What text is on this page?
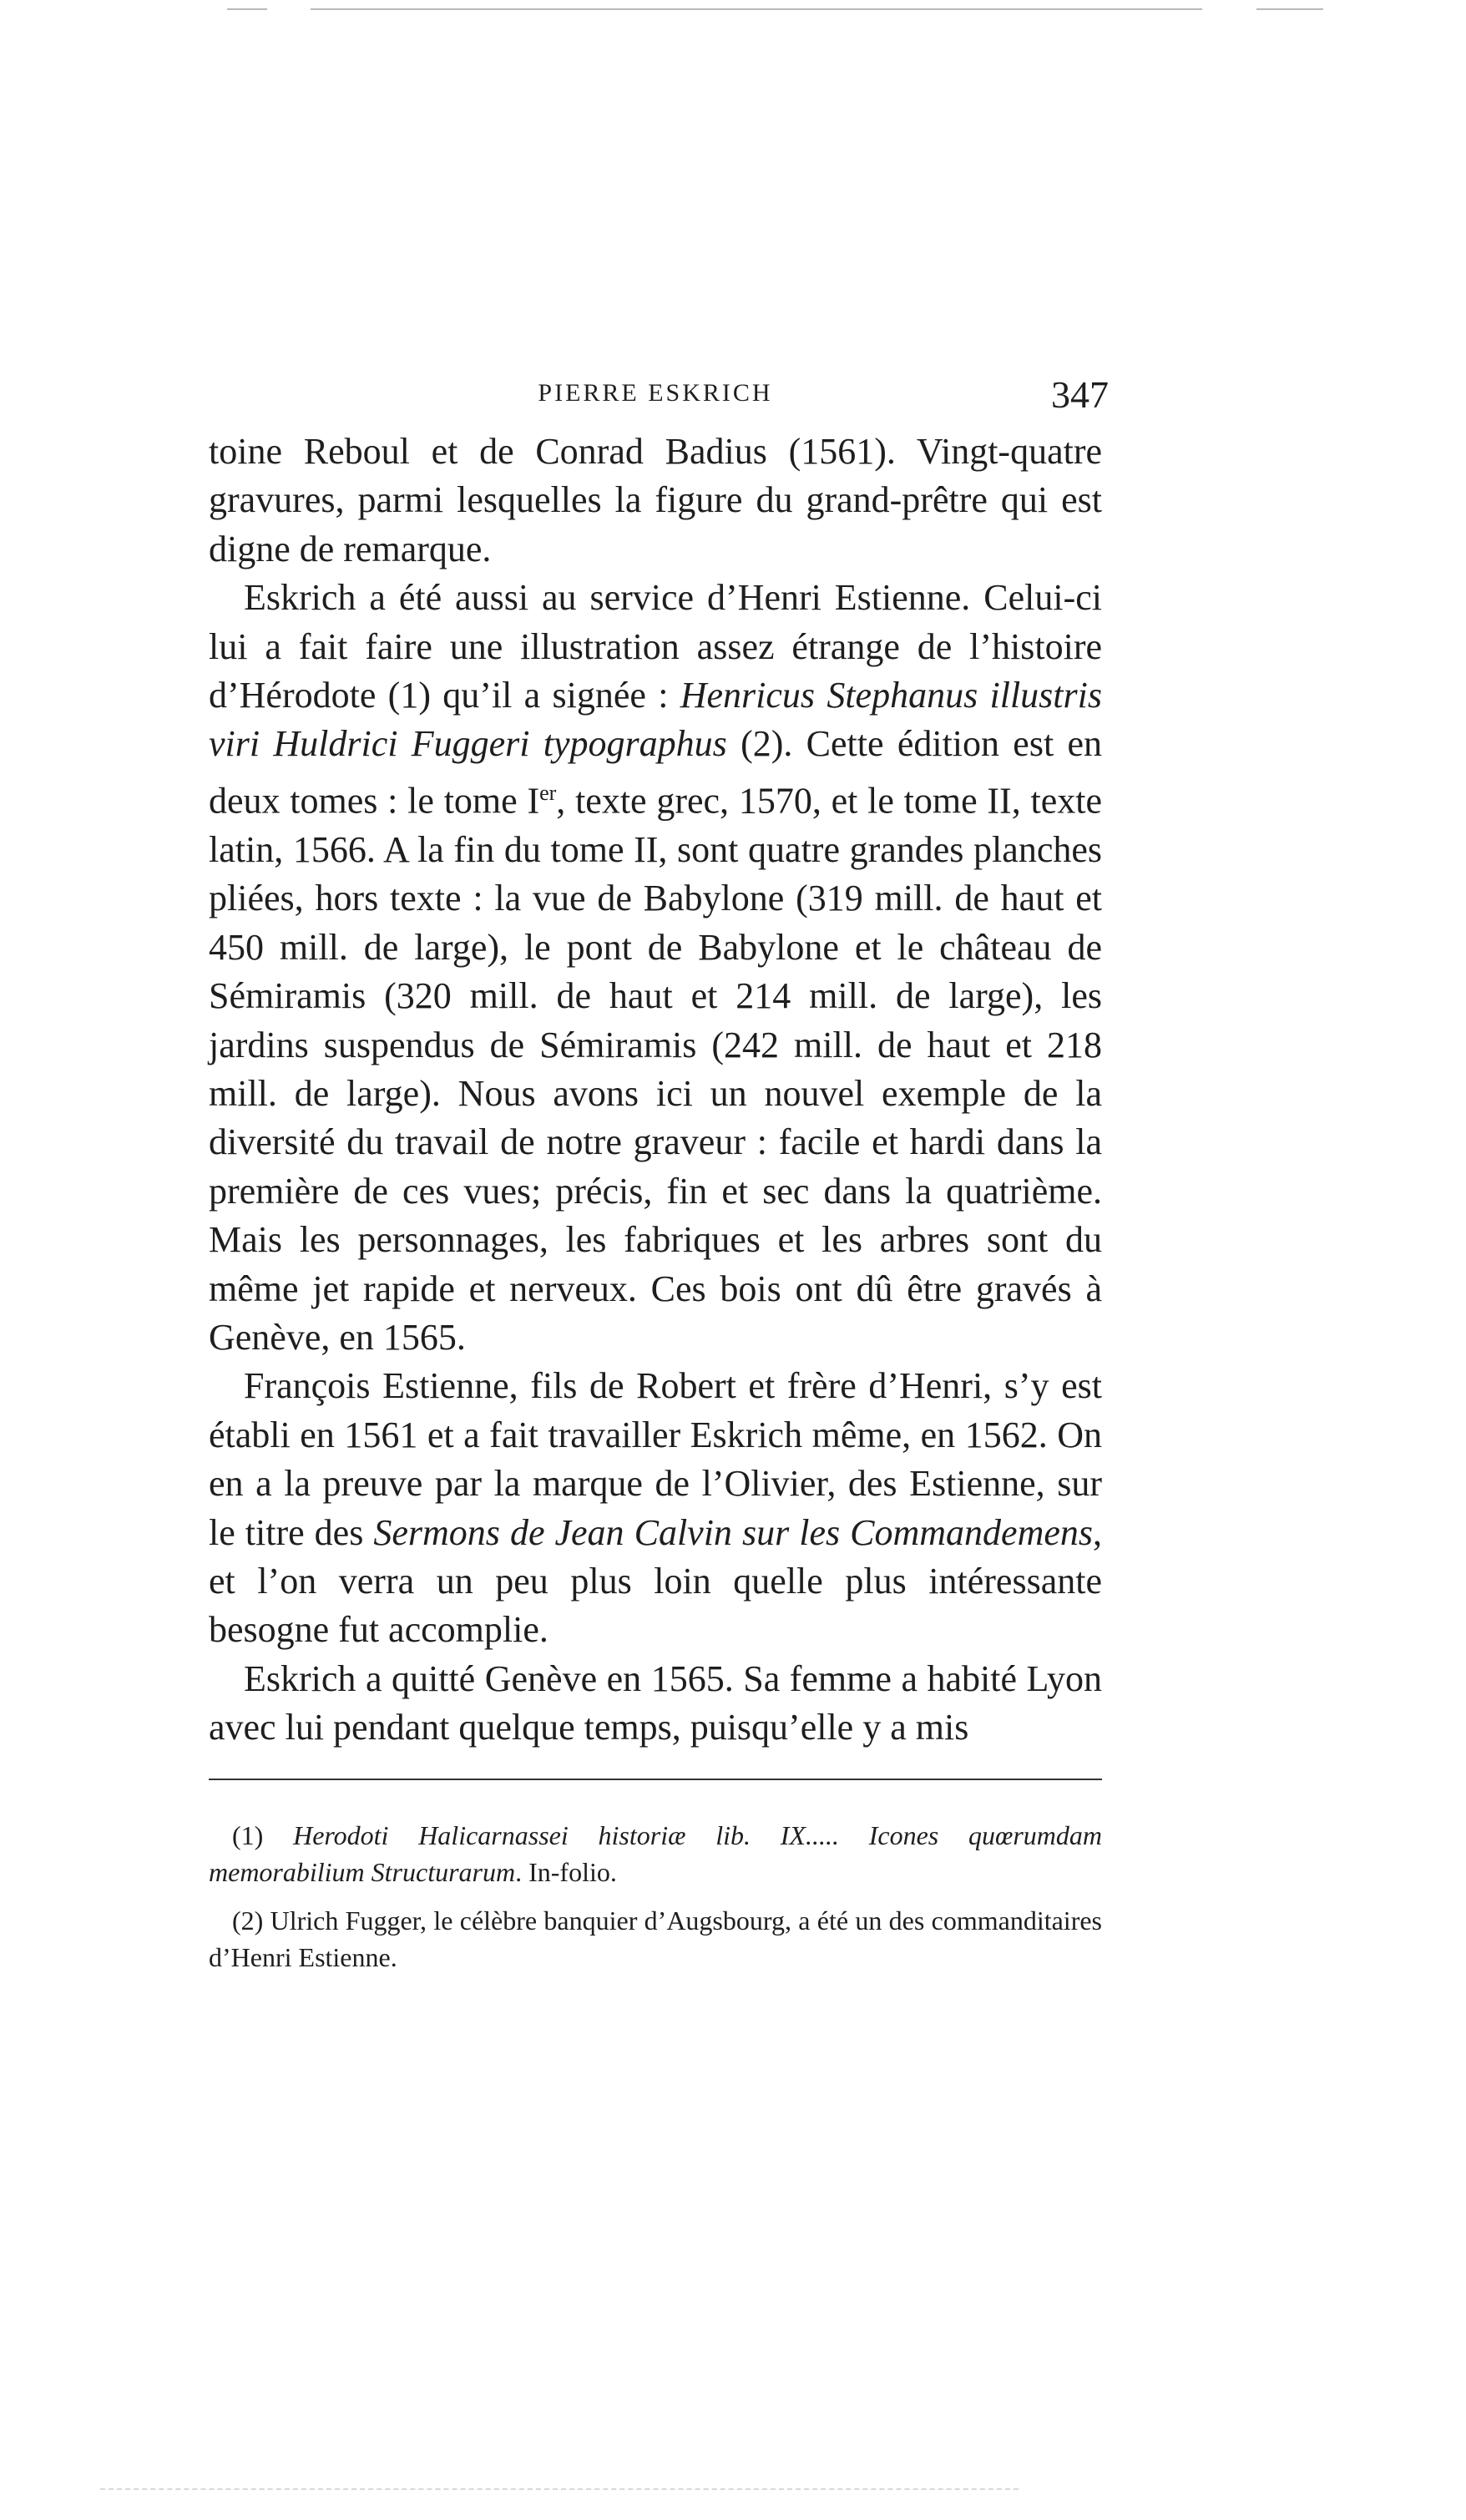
PIERRE ESKRICH	347

toine Reboul et de Conrad Badius (1561). Vingt-quatre gravures, parmi lesquelles la figure du grand-prêtre qui est digne de remarque.

Eskrich a été aussi au service d’Henri Estienne. Celui-ci lui a fait faire une illustration assez étrange de l’histoire d’Hérodote (1) qu’il a signée : Henricus Stephanus illustris viri Huldrici Fuggeri typographus (2). Cette édition est en deux tomes : le tome Ier, texte grec, 1570, et le tome II, texte latin, 1566. A la fin du tome II, sont quatre grandes planches pliées, hors texte : la vue de Babylone (319 mill. de haut et 450 mill. de large), le pont de Babylone et le château de Sémiramis (320 mill. de haut et 214 mill. de large), les jardins suspendus de Sémiramis (242 mill. de haut et 218 mill. de large). Nous avons ici un nouvel exemple de la diversité du travail de notre graveur : facile et hardi dans la première de ces vues; précis, fin et sec dans la quatrième. Mais les personnages, les fabriques et les arbres sont du même jet rapide et nerveux. Ces bois ont dû être gravés à Genève, en 1565.

François Estienne, fils de Robert et frère d’Henri, s’y est établi en 1561 et a fait travailler Eskrich même, en 1562. On en a la preuve par la marque de l’Olivier, des Estienne, sur le titre des Sermons de Jean Calvin sur les Commandemens, et l’on verra un peu plus loin quelle plus intéressante besogne fut accomplie.

Eskrich a quitté Genève en 1565. Sa femme a habité Lyon avec lui pendant quelque temps, puisqu’elle y a mis

(1) Herodoti Halicarnassei historiæ lib. IX..... Icones quœrumdam memorabilium Structurarum. In-folio.

(2) Ulrich Fugger, le célèbre banquier d’Augsbourg, a été un des commanditaires d’Henri Estienne.
